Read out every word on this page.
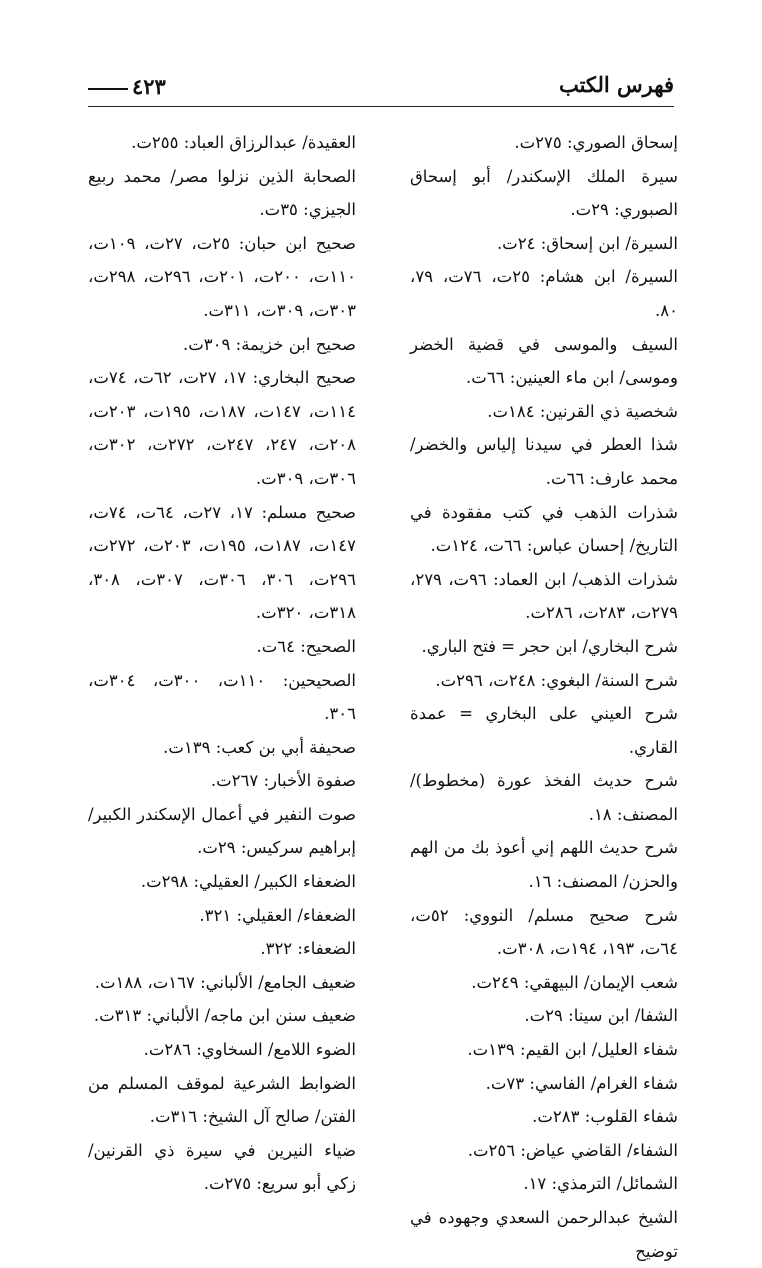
فهرس الكتب
٤٢٣

إسحاق الصوري: ٢٧٥ت.

سيرة الملك الإسكندر/ أبو إسحاق الصبوري: ٢٩ت.

السيرة/ ابن إسحاق: ٢٤ت.

السيرة/ ابن هشام: ٢٥ت، ٧٦ت، ٧٩، ٨٠.

السيف والموسى في قضية الخضر وموسى/ ابن ماء العينين: ٦٦ت.

شخصية ذي القرنين: ١٨٤ت.

شذا العطر في سيدنا إلياس والخضر/ محمد عارف: ٦٦ت.

شذرات الذهب في كتب مفقودة في التاريخ/ إحسان عباس: ٦٦ت، ١٢٤ت.

شذرات الذهب/ ابن العماد: ٩٦ت، ٢٧٩، ٢٧٩ت، ٢٨٣ت، ٢٨٦ت.

شرح البخاري/ ابن حجر = فتح الباري.

شرح السنة/ البغوي: ٢٤٨ت، ٢٩٦ت.

شرح العيني على البخاري = عمدة القاري.

شرح حديث الفخذ عورة (مخطوط)/ المصنف: ١٨.

شرح حديث اللهم إني أعوذ بك من الهم والحزن/ المصنف: ١٦.

شرح صحيح مسلم/ النووي: ٥٢ت، ٦٤ت، ١٩٣، ١٩٤ت، ٣٠٨ت.

شعب الإيمان/ البيهقي: ٢٤٩ت.

الشفا/ ابن سينا: ٢٩ت.

شفاء العليل/ ابن القيم: ١٣٩ت.

شفاء الغرام/ الفاسي: ٧٣ت.

شفاء القلوب: ٢٨٣ت.

الشفاء/ القاضي عياض: ٢٥٦ت.

الشمائل/ الترمذي: ١٧.

الشيخ عبدالرحمن السعدي وجهوده في توضيح

العقيدة/ عبدالرزاق العباد: ٢٥٥ت.

الصحابة الذين نزلوا مصر/ محمد ربيع الجيزي: ٣٥ت.

صحيح ابن حبان: ٢٥ت، ٢٧ت، ١٠٩ت، ١١٠ت، ٢٠٠ت، ٢٠١ت، ٢٩٦ت، ٢٩٨ت، ٣٠٣ت، ٣٠٩ت، ٣١١ت.

صحيح ابن خزيمة: ٣٠٩ت.

صحيح البخاري: ١٧، ٢٧ت، ٦٢ت، ٧٤ت، ١١٤ت، ١٤٧ت، ١٨٧ت، ١٩٥ت، ٢٠٣ت، ٢٠٨ت، ٢٤٧، ٢٤٧ت، ٢٧٢ت، ٣٠٢ت، ٣٠٦ت، ٣٠٩ت.

صحيح مسلم: ١٧، ٢٧ت، ٦٤ت، ٧٤ت، ١٤٧ت، ١٨٧ت، ١٩٥ت، ٢٠٣ت، ٢٧٢ت، ٢٩٦ت، ٣٠٦، ٣٠٦ت، ٣٠٧ت، ٣٠٨، ٣١٨ت، ٣٢٠ت.

الصحيح: ٦٤ت.

الصحيحين: ١١٠ت، ٣٠٠ت، ٣٠٤ت، ٣٠٦.

صحيفة أبي بن كعب: ١٣٩ت.

صفوة الأخبار: ٢٦٧ت.

صوت النفير في أعمال الإسكندر الكبير/ إبراهيم سركيس: ٢٩ت.

الضعفاء الكبير/ العقيلي: ٢٩٨ت.

الضعفاء/ العقيلي: ٣٢١.

الضعفاء: ٣٢٢.

ضعيف الجامع/ الألباني: ١٦٧ت، ١٨٨ت.

ضعيف سنن ابن ماجه/ الألباني: ٣١٣ت.

الضوء اللامع/ السخاوي: ٢٨٦ت.

الضوابط الشرعية لموقف المسلم من الفتن/ صالح آل الشيخ: ٣١٦ت.

ضياء النيرين في سيرة ذي القرنين/ زكي أبو سريع: ٢٧٥ت.
